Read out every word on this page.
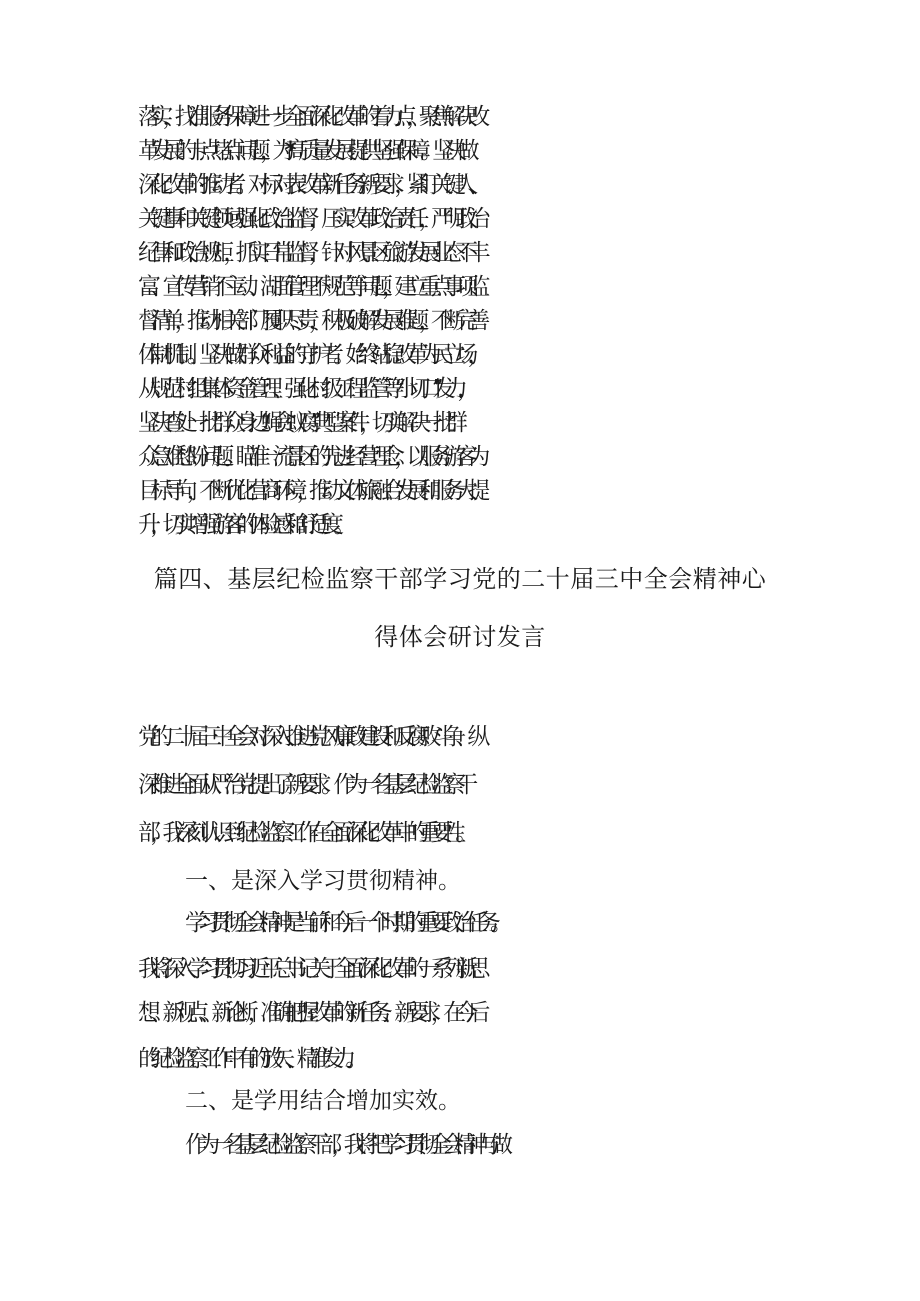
落实，找准服务保障进一步全面深化改革的着力点，聚焦解决改
革发展的卡点堵点问题，为**高质量发展提供坚强保障。坚决做
深化改革的推动者。对标对表改革新任务新要求，紧盯关键人、
关键事和关键领域强化政治监督，压实改革政治责任，严明政治
纪律和政治规矩，抓实日常监督，针对风景区旅游发展业态不丰
富、宣传营销不主动、湖面管理不规范等问题，建立重点事项监
督清单，推动相关部门履职尽责，积极破解发展难题，不断完善
体制机制。坚决做群众利益的守护者。始终站稳改革为民立场，
从规范村组集体资金管理、强化村级工程监管等“小切口”发力，
坚决查处一批群众身边“蝇贪蚁腐”典型案件，切实解决一批群
众急难愁盼问题。瞄准一流景区的先进经营理念，以服务游客为
目标导向，不断优化营商环境，推动文体旅融合发展和服务大提
升，切实增强游客的体验感和舒适度。
篇四、基层纪检监察干部学习党的二十届三中全会精神心
得体会研讨发言
党的二十届三中全会对深入推进党风廉政建设和反腐败斗争、纵
深推进全面从严治党提出了新要求。作为一名基层纪检监察干
部，我深刻认识到纪检监察工作在全面深化改革中的重要性。
一、是深入学习贯彻精神。
学习贯彻全会精神是当前和今后一个时期的重要政治任务。
我将深入学习贯彻习近平总书记关于全面深化改革的一系列新思
想、新观点、新论断，准确把握改革的新任务、新要求，在今后
的纪检监察工作中有的放矢、精准发力。
二、是学用结合增加实效。
作为一名基层纪检监察干部，我将把学习贯彻全会精神与做
